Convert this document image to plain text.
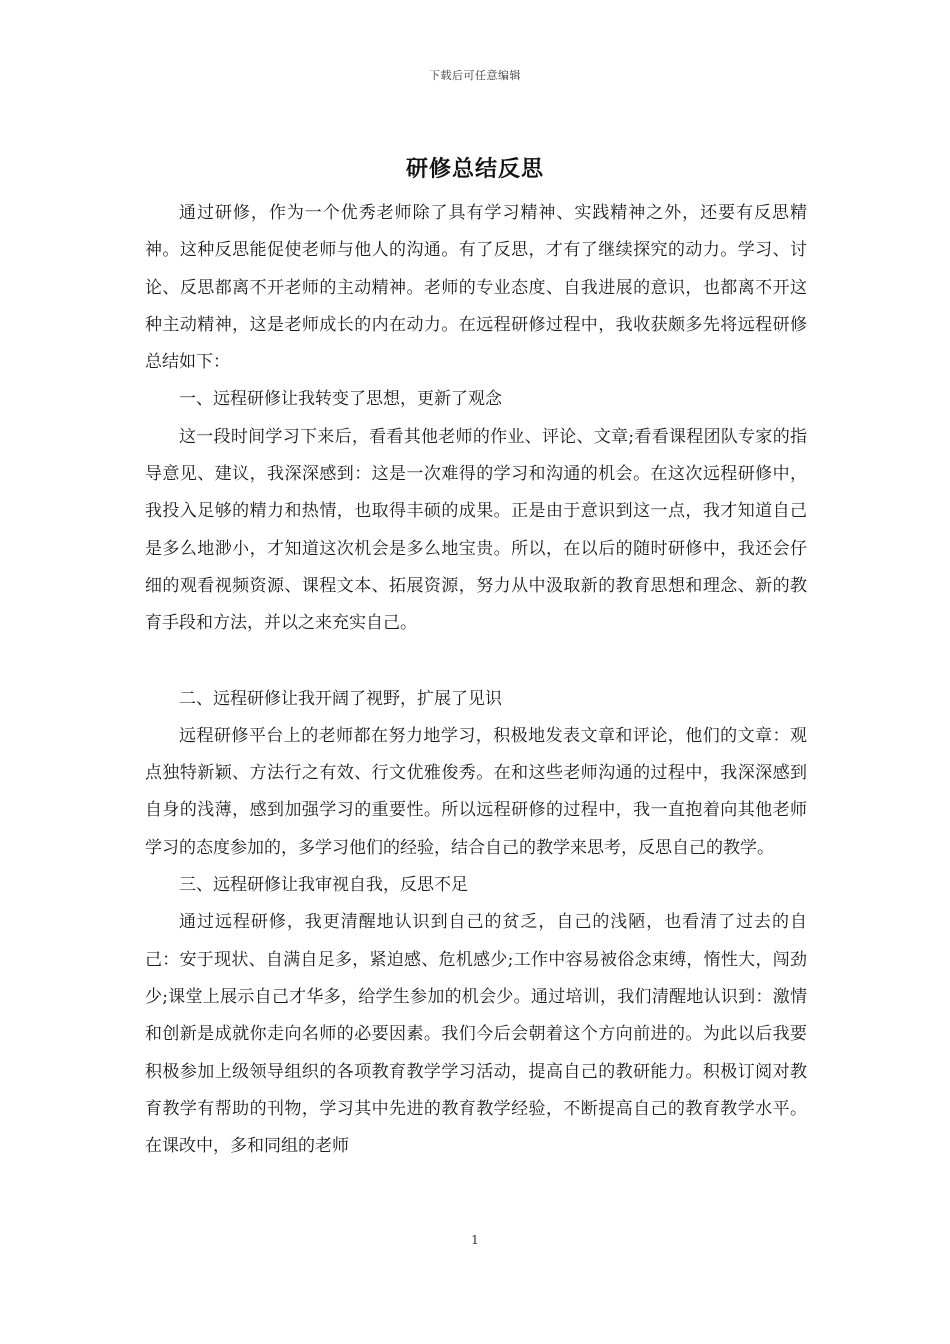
下载后可任意编辑
研修总结反思

通过研修，作为一个优秀老师除了具有学习精神、实践精神之外，还要有反思精神。这种反思能促使老师与他人的沟通。有了反思，才有了继续探究的动力。学习、讨论、反思都离不开老师的主动精神。老师的专业态度、自我进展的意识，也都离不开这种主动精神，这是老师成长的内在动力。在远程研修过程中，我收获颇多先将远程研修总结如下：

一、远程研修让我转变了思想，更新了观念

这一段时间学习下来后，看看其他老师的作业、评论、文章;看看课程团队专家的指导意见、建议，我深深感到：这是一次难得的学习和沟通的机会。在这次远程研修中，我投入足够的精力和热情，也取得丰硕的成果。正是由于意识到这一点，我才知道自己是多么地渺小，才知道这次机会是多么地宝贵。所以，在以后的随时研修中，我还会仔细的观看视频资源、课程文本、拓展资源，努力从中汲取新的教育思想和理念、新的教育手段和方法，并以之来充实自己。

二、远程研修让我开阔了视野，扩展了见识

远程研修平台上的老师都在努力地学习，积极地发表文章和评论，他们的文章：观点独特新颖、方法行之有效、行文优雅俊秀。在和这些老师沟通的过程中，我深深感到自身的浅薄，感到加强学习的重要性。所以远程研修的过程中，我一直抱着向其他老师学习的态度参加的，多学习他们的经验，结合自己的教学来思考，反思自己的教学。

三、远程研修让我审视自我，反思不足

通过远程研修，我更清醒地认识到自己的贫乏，自己的浅陋，也看清了过去的自己：安于现状、自满自足多，紧迫感、危机感少;工作中容易被俗念束缚，惰性大，闯劲少;课堂上展示自己才华多，给学生参加的机会少。通过培训，我们清醒地认识到：激情和创新是成就你走向名师的必要因素。我们今后会朝着这个方向前进的。为此以后我要积极参加上级领导组织的各项教育教学学习活动，提高自己的教研能力。积极订阅对教育教学有帮助的刊物，学习其中先进的教育教学经验，不断提高自己的教育教学水平。在课改中，多和同组的老师

1
